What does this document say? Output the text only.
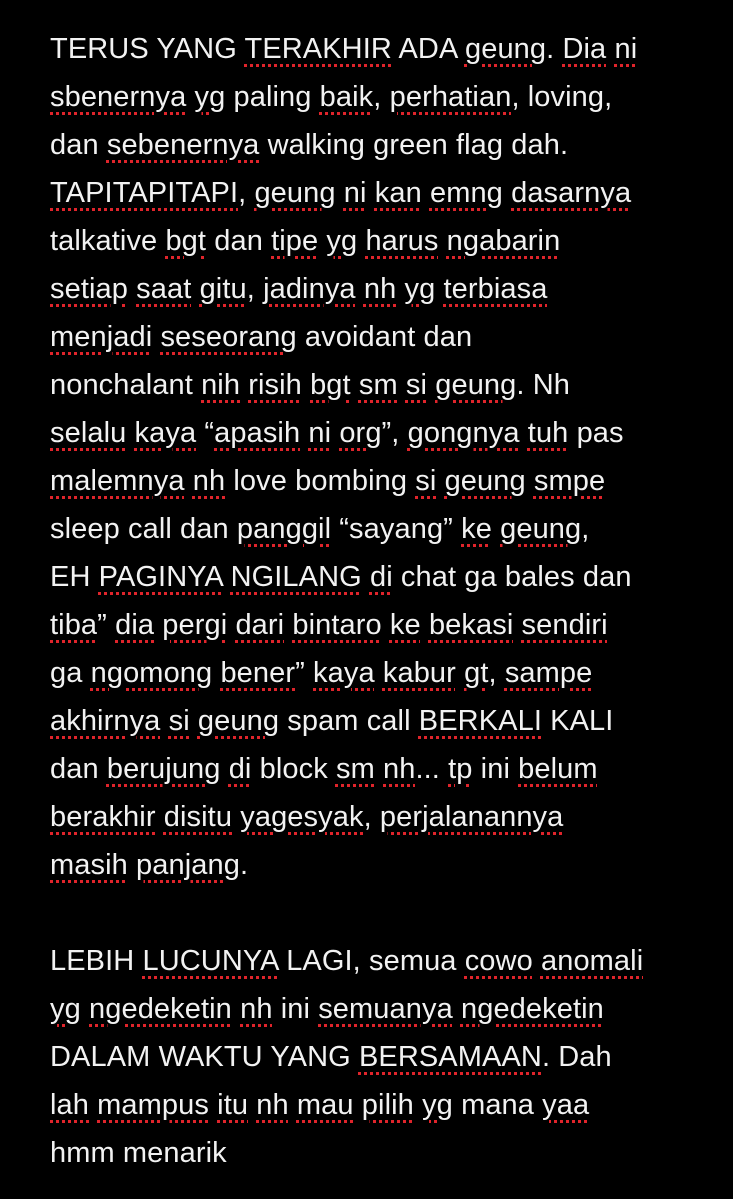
TERUS YANG TERAKHIR ADA geung. Dia ni
sbenernya yg paling baik, perhatian, loving,
dan sebenernya walking green flag dah.
TAPITAPITAPI, geung ni kan emng dasarnya
talkative bgt dan tipe yg harus ngabarin
setiap saat gitu, jadinya nh yg terbiasa
menjadi seseorang avoidant dan
nonchalant nih risih bgt sm si geung. Nh
selalu kaya “apasih ni org”, gongnya tuh pas
malemnya nh love bombing si geung smpe
sleep call dan panggil “sayang” ke geung,
EH PAGINYA NGILANG di chat ga bales dan
tiba” dia pergi dari bintaro ke bekasi sendiri
ga ngomong bener” kaya kabur gt, sampe
akhirnya si geung spam call BERKALI KALI
dan berujung di block sm nh... tp ini belum
berakhir disitu yagesyak, perjalanannya
masih panjang.
LEBIH LUCUNYA LAGI, semua cowo anomali
yg ngedeketin nh ini semuanya ngedeketin
DALAM WAKTU YANG BERSAMAAN. Dah
lah mampus itu nh mau pilih yg mana yaa
hmm menarik
